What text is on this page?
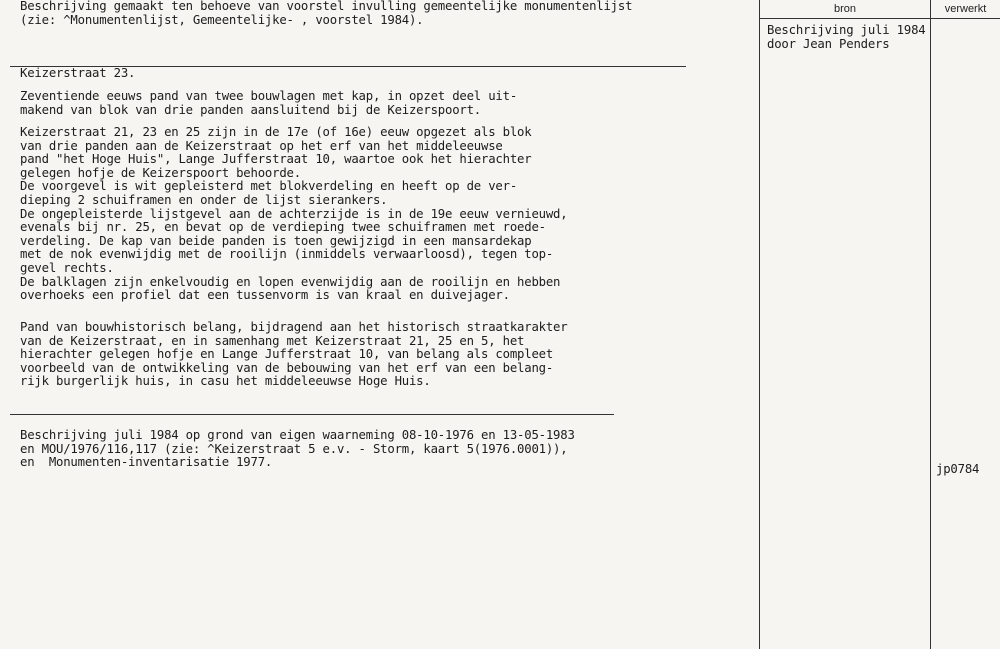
Beschrijving gemaakt ten behoeve van voorstel invulling gemeentelijke monumentenlijst
(zie: ^Monumentenlijst, Gemeentelijke- , voorstel 1984).
Keizerstraat 23.
Zeventiende eeuws pand van twee bouwlagen met kap, in opzet deel uit-
makend van blok van drie panden aansluitend bij de Keizerspoort.
Keizerstraat 21, 23 en 25 zijn in de 17e (of 16e) eeuw opgezet als blok
van drie panden aan de Keizerstraat op het erf van het middeleeuwse
pand "het Hoge Huis", Lange Jufferstraat 10, waartoe ook het hierachter
gelegen hofje de Keizerspoort behoorde.
De voorgevel is wit gepleisterd met blokverdeling en heeft op de ver-
dieping 2 schuiframen en onder de lijst sierankers.
De ongepleisterde lijstgevel aan de achterzijde is in de 19e eeuw vernieuwd,
evenals bij nr. 25, en bevat op de verdieping twee schuiframen met roede-
verdeling. De kap van beide panden is toen gewijzigd in een mansardekap
met de nok evenwijdig met de rooilijn (inmiddels verwaarloosd), tegen top-
gevel rechts.
De balklagen zijn enkelvoudig en lopen evenwijdig aan de rooilijn en hebben
overhoeks een profiel dat een tussenvorm is van kraal en duivejager.
Pand van bouwhistorisch belang, bijdragend aan het historisch straatkarakter
van de Keizerstraat, en in samenhang met Keizerstraat 21, 25 en 5, het
hierachter gelegen hofje en Lange Jufferstraat 10, van belang als compleet
voorbeeld van de ontwikkeling van de bebouwing van het erf van een belang-
rijk burgerlijk huis, in casu het middeleeuwse Hoge Huis.
Beschrijving juli 1984 op grond van eigen waarneming 08-10-1976 en 13-05-1983
en MOU/1976/116,117 (zie: ^Keizerstraat 5 e.v. - Storm, kaart 5(1976.0001)),
en  Monumenten-inventarisatie 1977.
bron	verwerkt
Beschrijving juli 1984
door Jean Penders
jp0784
